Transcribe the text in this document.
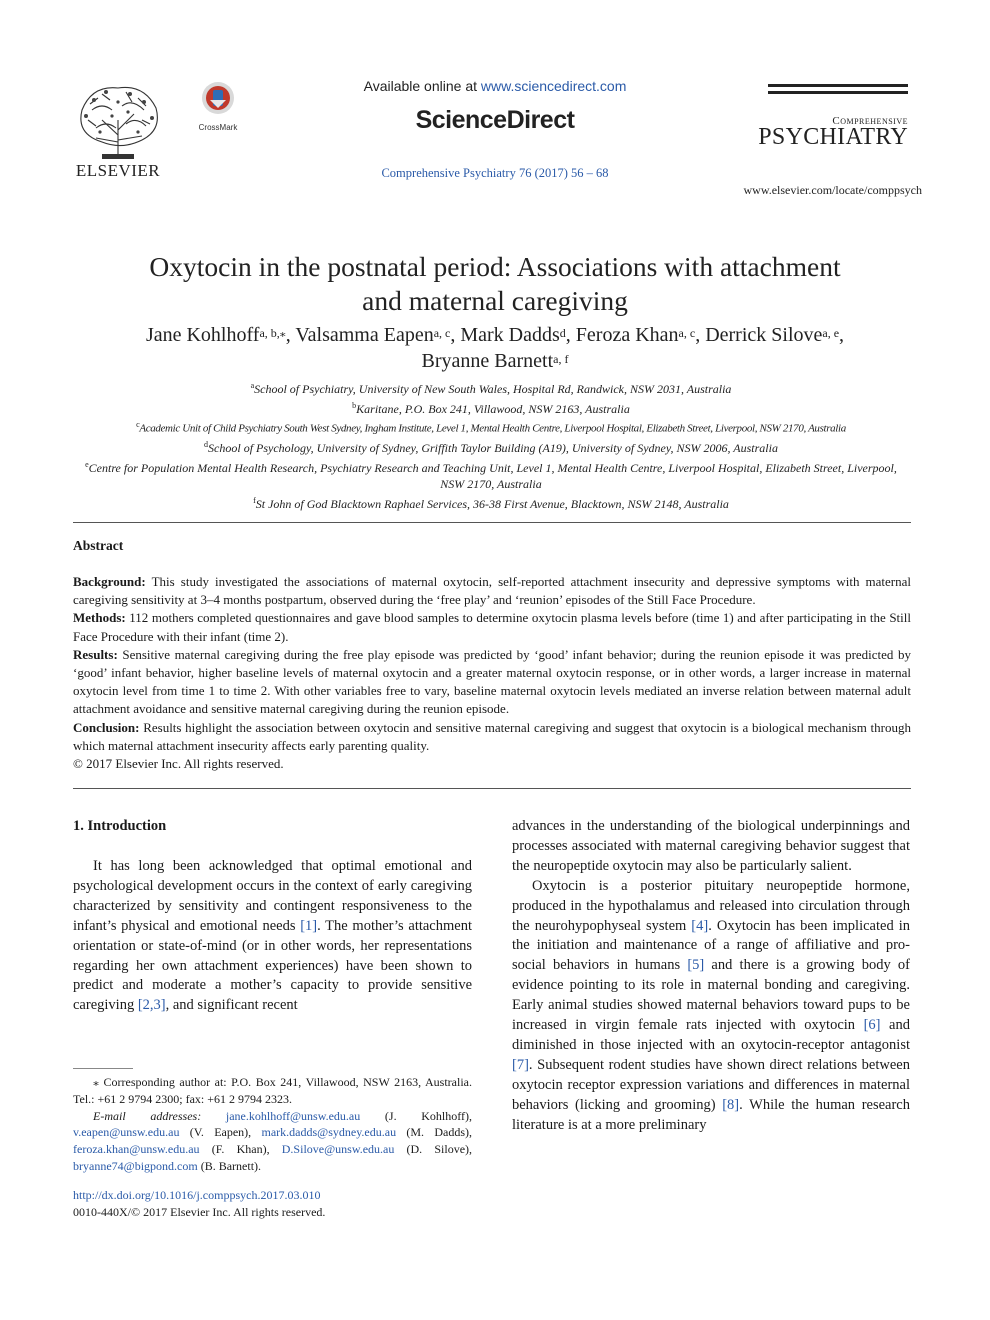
ELSEVIER
CrossMark
Available online at www.sciencedirect.com
ScienceDirect
Comprehensive Psychiatry 76 (2017) 56 – 68
Comprehensive
PSYCHIATRY
www.elsevier.com/locate/comppsych
Oxytocin in the postnatal period: Associations with attachment
and maternal caregiving
Jane Kohlhoff$^{a, b,⁎}$, Valsamma Eapen$^{a, c}$, Mark Dadds$^d$, Feroza Khan$^{a, c}$, Derrick Silove$^{a, e}$,
Bryanne Barnett$^{a, f}$
$^a$School of Psychiatry, University of New South Wales, Hospital Rd, Randwick, NSW 2031, Australia
$^b$Karitane, P.O. Box 241, Villawood, NSW 2163, Australia
$^c$Academic Unit of Child Psychiatry South West Sydney, Ingham Institute, Level 1, Mental Health Centre, Liverpool Hospital, Elizabeth Street, Liverpool, NSW 2170, Australia
$^d$School of Psychology, University of Sydney, Griffith Taylor Building (A19), University of Sydney, NSW 2006, Australia
$^e$Centre for Population Mental Health Research, Psychiatry Research and Teaching Unit, Level 1, Mental Health Centre, Liverpool Hospital, Elizabeth Street, Liverpool, NSW 2170, Australia
$^f$St John of God Blacktown Raphael Services, 36-38 First Avenue, Blacktown, NSW 2148, Australia
Abstract

Background: This study investigated the associations of maternal oxytocin, self-reported attachment insecurity and depressive symptoms with maternal caregiving sensitivity at 3–4 months postpartum, observed during the ‘free play’ and ‘reunion’ episodes of the Still Face Procedure.

Methods: 112 mothers completed questionnaires and gave blood samples to determine oxytocin plasma levels before (time 1) and after participating in the Still Face Procedure with their infant (time 2).

Results: Sensitive maternal caregiving during the free play episode was predicted by ‘good’ infant behavior; during the reunion episode it was predicted by ‘good’ infant behavior, higher baseline levels of maternal oxytocin and a greater maternal oxytocin response, or in other words, a larger increase in maternal oxytocin level from time 1 to time 2. With other variables free to vary, baseline maternal oxytocin levels mediated an inverse relation between maternal adult attachment avoidance and sensitive maternal caregiving during the reunion episode.

Conclusion: Results highlight the association between oxytocin and sensitive maternal caregiving and suggest that oxytocin is a biological mechanism through which maternal attachment insecurity affects early parenting quality.

© 2017 Elsevier Inc. All rights reserved.

1. Introduction

It has long been acknowledged that optimal emotional and psychological development occurs in the context of early caregiving characterized by sensitivity and contingent responsiveness to the infant’s physical and emotional needs [1]. The mother’s attachment orientation or state-of-mind (or in other words, her representations regarding her own attachment experiences) have been shown to predict and moderate a mother’s capacity to provide sensitive caregiving [2,3], and significant recent

advances in the understanding of the biological underpinnings and processes associated with maternal caregiving behavior suggest that the neuropeptide oxytocin may also be particularly salient.

Oxytocin is a posterior pituitary neuropeptide hormone, produced in the hypothalamus and released into circulation through the neurohypophyseal system [4]. Oxytocin has been implicated in the initiation and maintenance of a range of affiliative and pro-social behaviors in humans [5] and there is a growing body of evidence pointing to its role in maternal bonding and caregiving. Early animal studies showed maternal behaviors toward pups to be increased in virgin female rats injected with oxytocin [6] and diminished in those injected with an oxytocin-receptor antagonist [7]. Subsequent rodent studies have shown direct relations between oxytocin receptor expression variations and differences in maternal behaviors (licking and grooming) [8]. While the human research literature is at a more preliminary

⁎ Corresponding author at: P.O. Box 241, Villawood, NSW 2163, Australia. Tel.: +61 2 9794 2300; fax: +61 2 9794 2323.

E-mail addresses: jane.kohlhoff@unsw.edu.au (J. Kohlhoff), v.eapen@unsw.edu.au (V. Eapen), mark.dadds@sydney.edu.au (M. Dadds), feroza.khan@unsw.edu.au (F. Khan), D.Silove@unsw.edu.au (D. Silove), bryanne74@bigpond.com (B. Barnett).

http://dx.doi.org/10.1016/j.comppsych.2017.03.010
0010-440X/© 2017 Elsevier Inc. All rights reserved.
